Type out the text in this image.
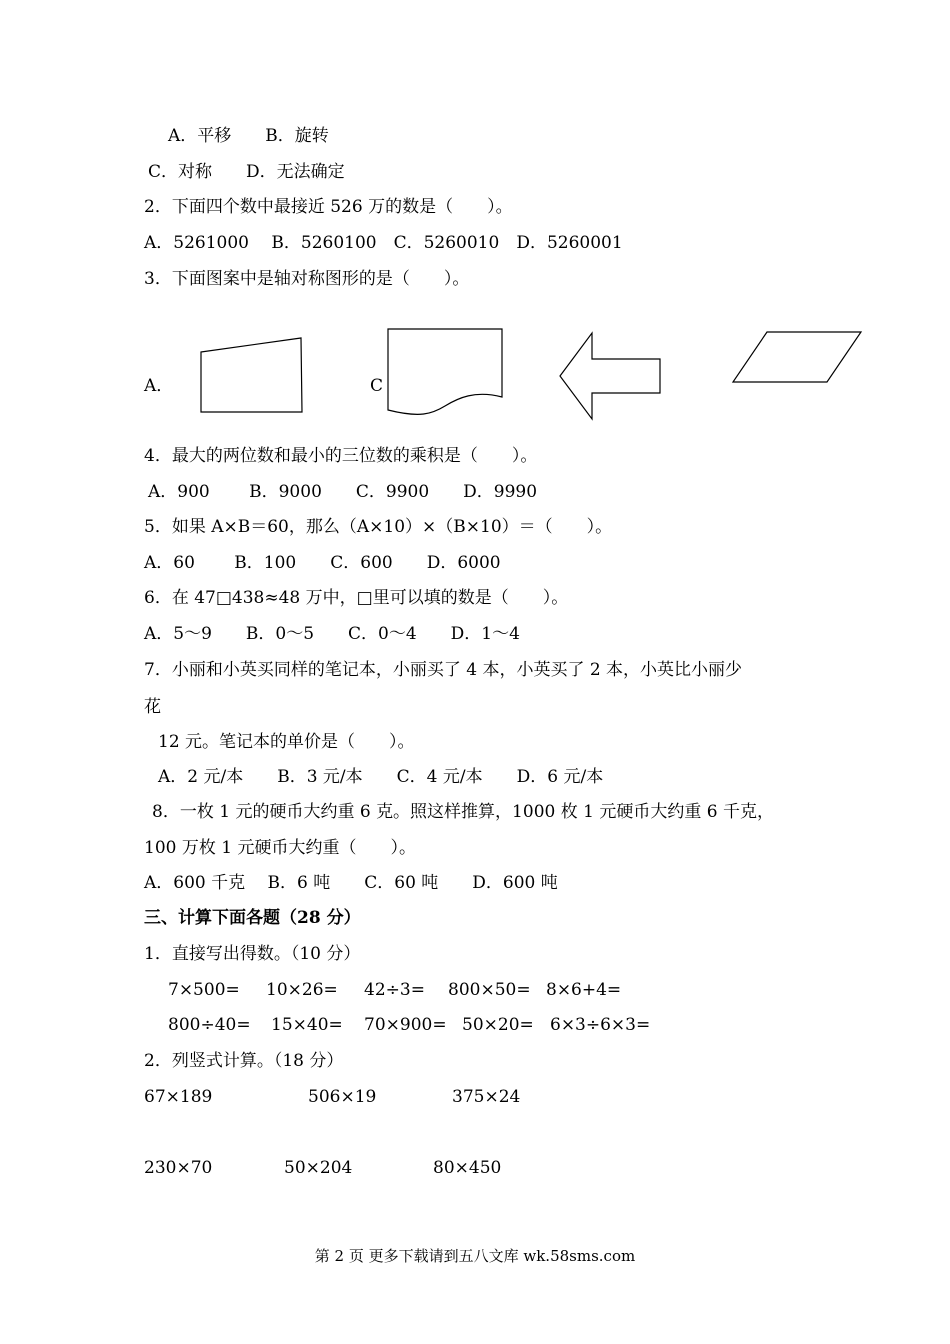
A．平移　　B．旋转
C．对称　　D．无法确定
2．下面四个数中最接近 526 万的数是（　　）。
A．5261000　 B．5260100　C．5260010　D．5260001
3．下面图案中是轴对称图形的是（　　）。
A．	C
4．最大的两位数和最小的三位数的乘积是（　　）。
A．900　　 B．9000　　C．9900　　D．9990
5．如果 A×B＝60，那么（A×10）×（B×10）＝（　　）。
A．60　　 B．100　　C．600　　D．6000
6．在 47□438≈48 万中，□里可以填的数是（　　）。
A．5～9　　B．0～5　　C．0～4　　D．1～4
7．小丽和小英买同样的笔记本，小丽买了 4 本，小英买了 2 本，小英比小丽少
花
12 元。笔记本的单价是（　　）。
A．2 元/本　　B．3 元/本　　C．4 元/本　　D．6 元/本
8．一枚 1 元的硬币大约重 6 克。照这样推算，1000 枚 1 元硬币大约重 6 千克，
100 万枚 1 元硬币大约重（　　）。
A．600 千克　 B．6 吨　　C．60 吨　　D．600 吨
三、计算下面各题（28 分）
1．直接写出得数。（10 分）
7×500= 10×26= 42÷3= 800×50= 8×6+4=
800÷40= 15×40= 70×900= 50×20= 6×3÷6×3=
2．列竖式计算。（18 分）
67×189	506×19	375×24
230×70	50×204	80×450
第 2 页 更多下载请到五八文库 wk.58sms.com
